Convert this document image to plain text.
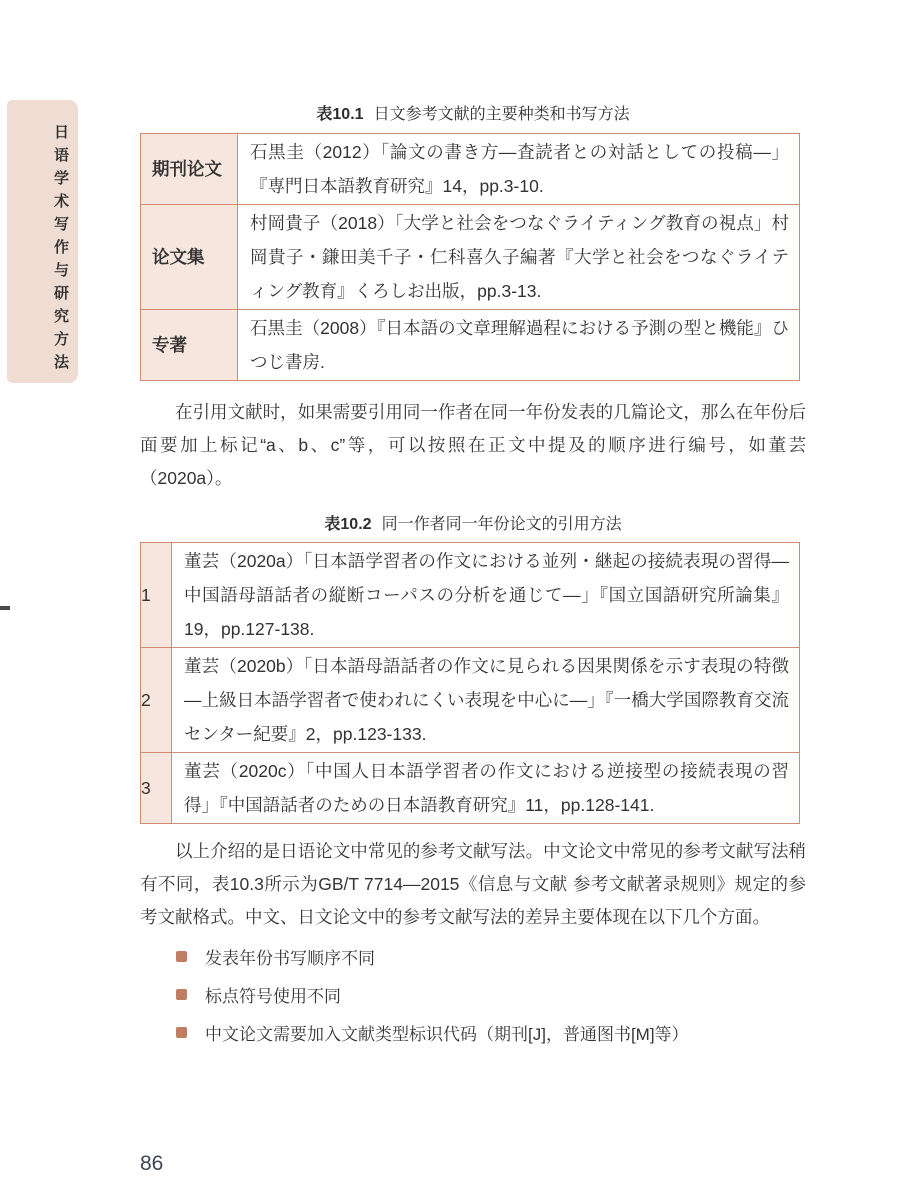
日语学术写作与研究方法
表10.1 日文参考文献的主要种类和书写方法
期刊论文	石黒圭（2012）「論文の書き方―査読者との対話としての投稿―」『専門日本語教育研究』14，pp.3-10.
论文集	村岡貴子（2018）「大学と社会をつなぐライティング教育の視点」村岡貴子・鎌田美千子・仁科喜久子編著『大学と社会をつなぐライティング教育』くろしお出版，pp.3-13.
专著	石黒圭（2008）『日本語の文章理解過程における予測の型と機能』ひつじ書房.

在引用文献时，如果需要引用同一作者在同一年份发表的几篇论文，那么在年份后面要加上标记“a、b、c”等，可以按照在正文中提及的顺序进行编号，如董芸（2020a）。

表10.2 同一作者同一年份论文的引用方法
1	董芸（2020a）「日本語学習者の作文における並列・継起の接続表現の習得―中国語母語話者の縦断コーパスの分析を通じて―」『国立国語研究所論集』19，pp.127-138.
2	董芸（2020b）「日本語母語話者の作文に見られる因果関係を示す表現の特徴―上級日本語学習者で使われにくい表現を中心に―」『一橋大学国際教育交流センター紀要』2，pp.123-133.
3	董芸（2020c）「中国人日本語学習者の作文における逆接型の接続表現の習得」『中国語話者のための日本語教育研究』11，pp.128-141.

以上介绍的是日语论文中常见的参考文献写法。中文论文中常见的参考文献写法稍有不同，表10.3所示为GB/T 7714—2015《信息与文献 参考文献著录规则》规定的参考文献格式。中文、日文论文中的参考文献写法的差异主要体现在以下几个方面。

发表年份书写顺序不同
标点符号使用不同
中文论文需要加入文献类型标识代码（期刊[J]，普通图书[M]等）
86
